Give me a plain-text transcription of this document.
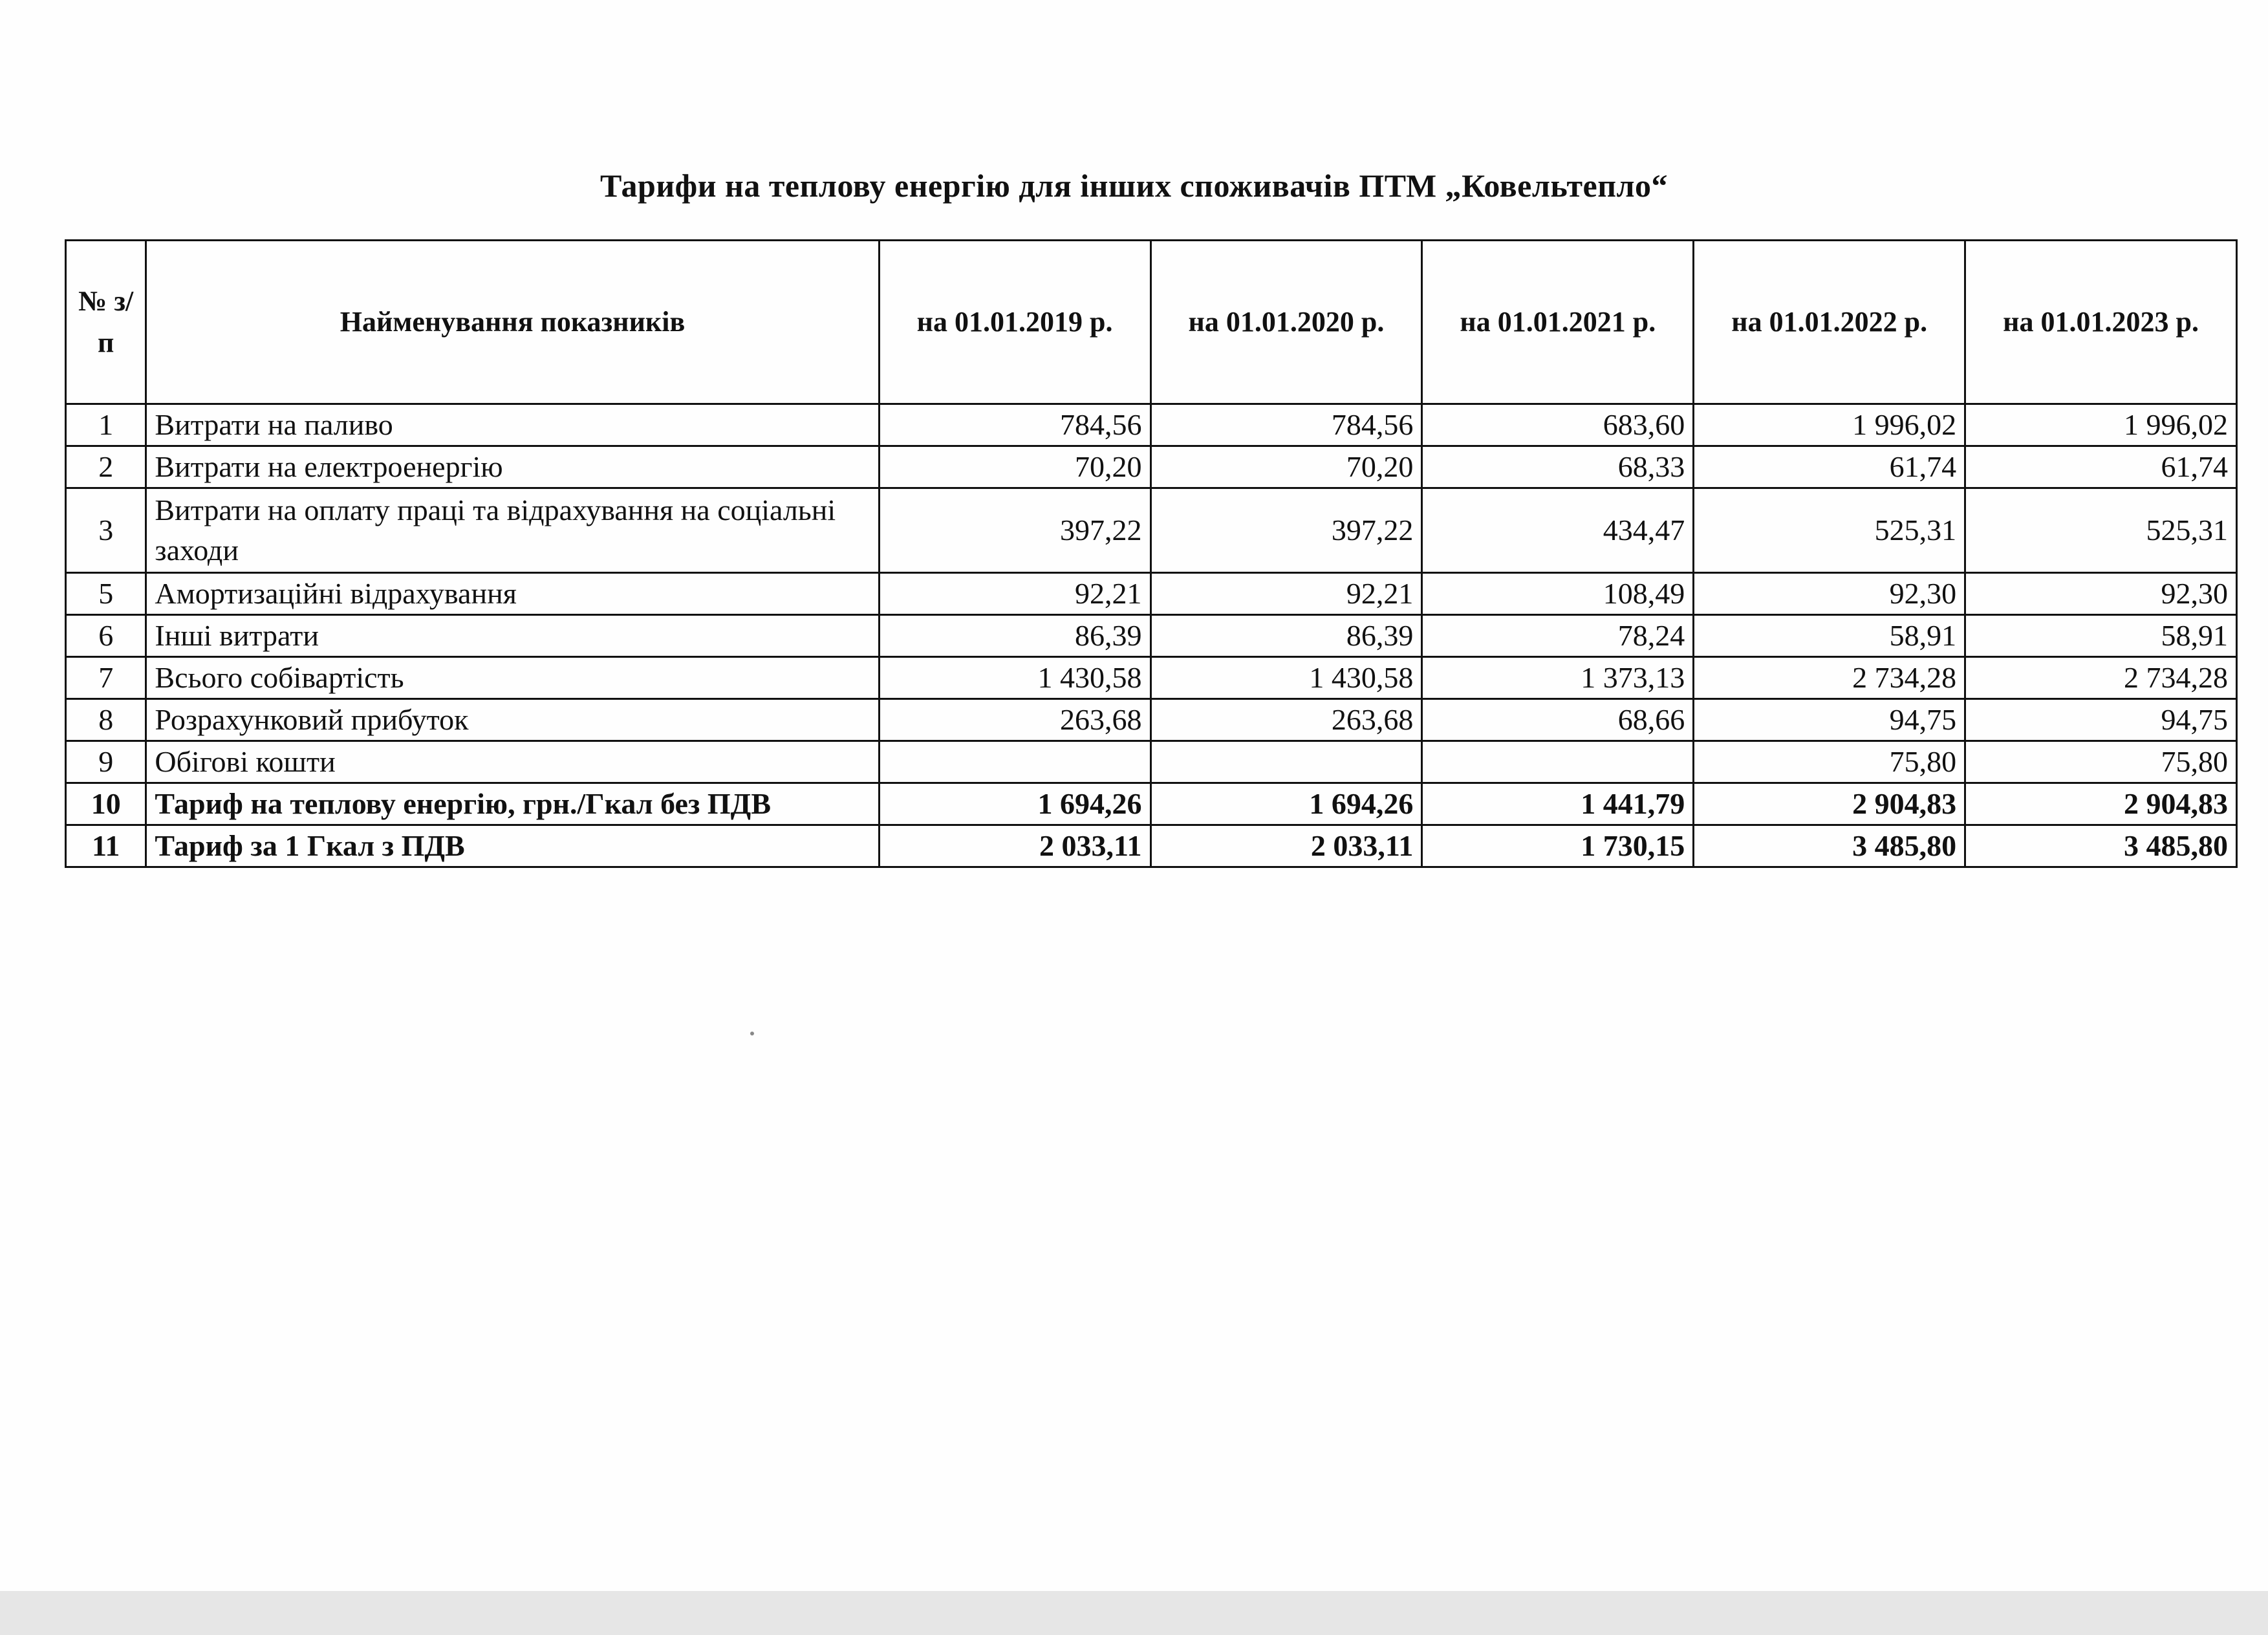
Тарифи на теплову енергію для інших споживачів ПТМ „Ковельтепло“
№ з/п	Найменування показників	на 01.01.2019 р.	на 01.01.2020 р.	на 01.01.2021 р.	на 01.01.2022 р.	на 01.01.2023 р.
1	Витрати на паливо	784,56	784,56	683,60	1 996,02	1 996,02
2	Витрати на електроенергію	70,20	70,20	68,33	61,74	61,74
3	Витрати на оплату праці та відрахування на соціальні заходи	397,22	397,22	434,47	525,31	525,31
5	Амортизаційні відрахування	92,21	92,21	108,49	92,30	92,30
6	Інші витрати	86,39	86,39	78,24	58,91	58,91
7	Всього собівартість	1 430,58	1 430,58	1 373,13	2 734,28	2 734,28
8	Розрахунковий прибуток	263,68	263,68	68,66	94,75	94,75
9	Обігові кошти				75,80	75,80
10	Тариф на теплову енергію, грн./Гкал без ПДВ	1 694,26	1 694,26	1 441,79	2 904,83	2 904,83
11	Тариф за 1 Гкал з ПДВ	2 033,11	2 033,11	1 730,15	3 485,80	3 485,80
